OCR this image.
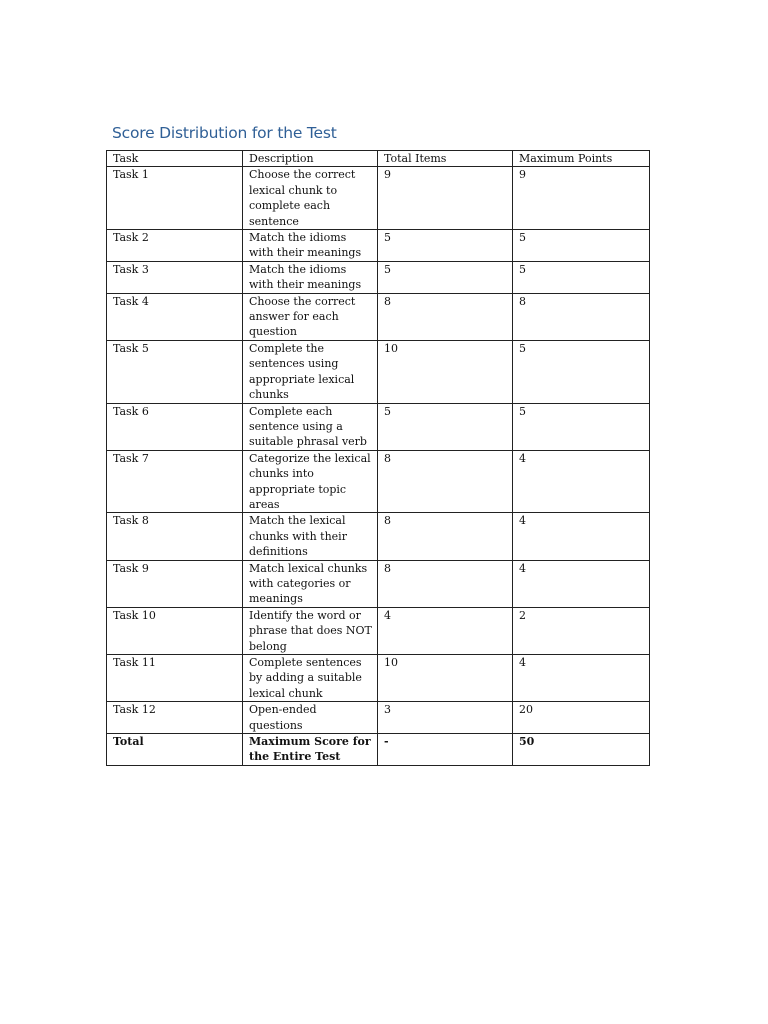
Score Distribution for the Test
Task	Description	Total Items	Maximum Points
Task 1	Choose the correct lexical chunk to complete each sentence	9	9
Task 2	Match the idioms with their meanings	5	5
Task 3	Match the idioms with their meanings	5	5
Task 4	Choose the correct answer for each question	8	8
Task 5	Complete the sentences using appropriate lexical chunks	10	5
Task 6	Complete each sentence using a suitable phrasal verb	5	5
Task 7	Categorize the lexical chunks into appropriate topic areas	8	4
Task 8	Match the lexical chunks with their definitions	8	4
Task 9	Match lexical chunks with categories or meanings	8	4
Task 10	Identify the word or phrase that does NOT belong	4	2
Task 11	Complete sentences by adding a suitable lexical chunk	10	4
Task 12	Open-ended questions	3	20
Total	Maximum Score for the Entire Test	-	50
